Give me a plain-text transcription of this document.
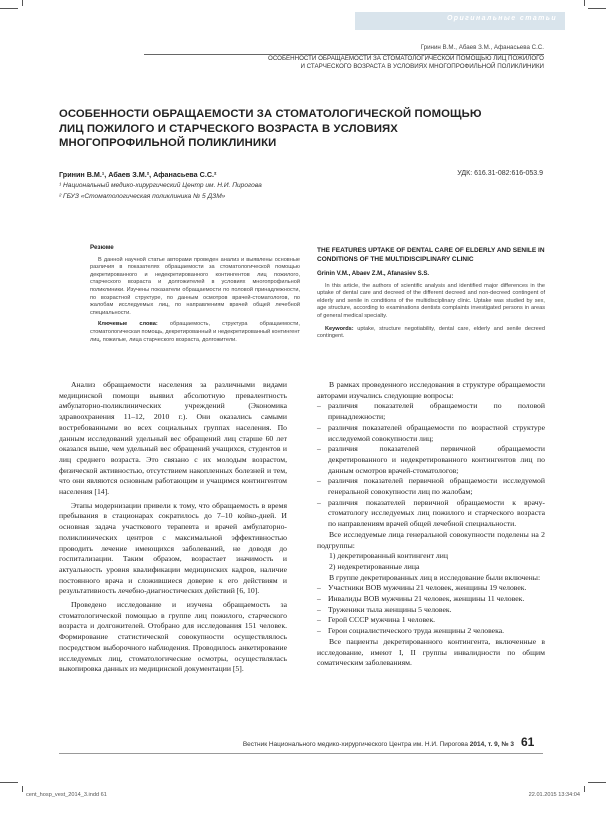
Оригинальные статьи
Гринин В.М., Абаев З.М., Афанасьева С.С.
ОСОБЕННОСТИ ОБРАЩАЕМОСТИ ЗА СТОМАТОЛОГИЧЕСКОЙ ПОМОЩЬЮ ЛИЦ ПОЖИЛОГО
И СТАРЧЕСКОГО ВОЗРАСТА В УСЛОВИЯХ МНОГОПРОФИЛЬНОЙ ПОЛИКЛИНИКИ
ОСОБЕННОСТИ ОБРАЩАЕМОСТИ ЗА СТОМАТОЛОГИЧЕСКОЙ ПОМОЩЬЮ
ЛИЦ ПОЖИЛОГО И СТАРЧЕСКОГО ВОЗРАСТА В УСЛОВИЯХ
МНОГОПРОФИЛЬНОЙ ПОЛИКЛИНИКИ
Гринин В.М.¹, Абаев З.М.², Афанасьева С.С.²	УДК: 616.31-082:616-053.9
¹ Национальный медико-хирургический Центр им. Н.И. Пирогова
² ГБУЗ «Стоматологическая поликлиника № 5 ДЗМ»
Резюме

В данной научной статье авторами проведен анализ и выявлены основные различия в показателях обращаемости за стоматологической помощью декретированного и недекретированного контингентов лиц пожилого, старческого возраста и долгожителей в условиях многопрофильной поликлиники. Изучены показатели обращаемости по половой принадлежности, по возрастной структуре, по данным осмотров врачей-стоматологов, по жалобам исследуемых лиц, по направлениям врачей общей лечебной специальности.

Ключевые слова: обращаемость, структура обращаемости, стоматологическая помощь, декретированный и недекретированный контингент лиц, пожилые, лица старческого возраста, долгожители.
THE FEATURES UPTAKE OF DENTAL CARE OF ELDERLY AND SENILE IN CONDITIONS OF THE MULTIDISCIPLINARY CLINIC
Grinin V.M., Abaev Z.M., Afanasiev S.S.

In this article, the authors of scientific analysis and identified major differences in the uptake of dental care and decreed of the different decreed and non-decreed contingent of elderly and senile in conditions of the multidisciplinary clinic. Uptake was studied by sex, age structure, according to examinations dentists complaints investigated persons in areas of general medical specialty.

Keywords: uptake, structure negotiability, dental care, elderly and senile decreed contingent.

Анализ обращаемости населения за различными видами медицинской помощи выявил абсолютную превалентность амбулаторно-поликлинических учреждений (Экономика здравоохранения 11–12, 2010 г.). Они оказались самыми востребованными во всех социальных группах населения. По данным исследований удельный вес обращений лиц старше 60 лет оказался выше, чем удельный вес обращений учащихся, студентов и лиц среднего возраста. Это связано с их молодым возрастом, физической активностью, отсутствием накопленных болезней и тем, что они являются основным работающим и учащимся контингентом населения [14].

Этапы модернизации привели к тому, что обращаемость в время пребывания в стационарах сократилось до 7–10 койко-дней. И основная задача участкового терапевта и врачей амбулаторно-поликлинических центров с максимальной эффективностью проводить лечение имеющихся заболеваний, не доводя до госпитализации. Таким образом, возрастает значимость и актуальность уровня квалификации медицинских кадров, наличие постоянного врача и сложившиеся доверие к его действиям и результативность лечебно-диагностических действий [6, 10].

Проведено исследование и изучена обращаемость за стоматологической помощью в группе лиц пожилого, старческого возраста и долгожителей. Отобрано для исследования 151 человек. Формирование статистической совокупности осуществлялось посредством выборочного наблюдения. Проводилось анкетирование исследуемых лиц, стоматологические осмотры, осуществлялась выкопировка данных из медицинской документации [5].

В рамках проведенного исследования в структуре обращаемости авторами изучались следующие вопросы:

– различия показателей обращаемости по половой принадлежности;
– различия показателей обращаемости по возрастной структуре исследуемой совокупности лиц;
– различия показателей первичной обращаемости декретированного и недекретированного контингентов лиц по данным осмотров врачей-стоматологов;
– различия показателей первичной обращаемости исследуемой генеральной совокупности лиц по жалобам;
– различия показателей первичной обращаемости к врачу-стоматологу исследуемых лиц пожилого и старческого возраста по направлениям врачей общей лечебной специальности.

Все исследуемые лица генеральной совокупности поделены на 2 подгруппы:

1) декретированный контингент лиц
2) недекретированные лица

В группе декретированных лиц в исследование были включены:

– Участники ВОВ мужчины 21 человек, женщины 19 человек.
– Инвалиды ВОВ мужчины 21 человек, женщины 11 человек.
– Труженики тыла женщины 5 человек.
– Герой СССР мужчина 1 человек.
– Герои социалистического труда женщины 2 человека.

Все пациенты декретированного контингента, включенные в исследование, имеют I, II группы инвалидности по общим соматическим заболеваниям.

Вестник Национального медико-хирургического Центра им. Н.И. Пирогова 2014, т. 9, № 3 61
cent_hosp_vest_2014_3.indd 61	22.01.2015 13:34:04
